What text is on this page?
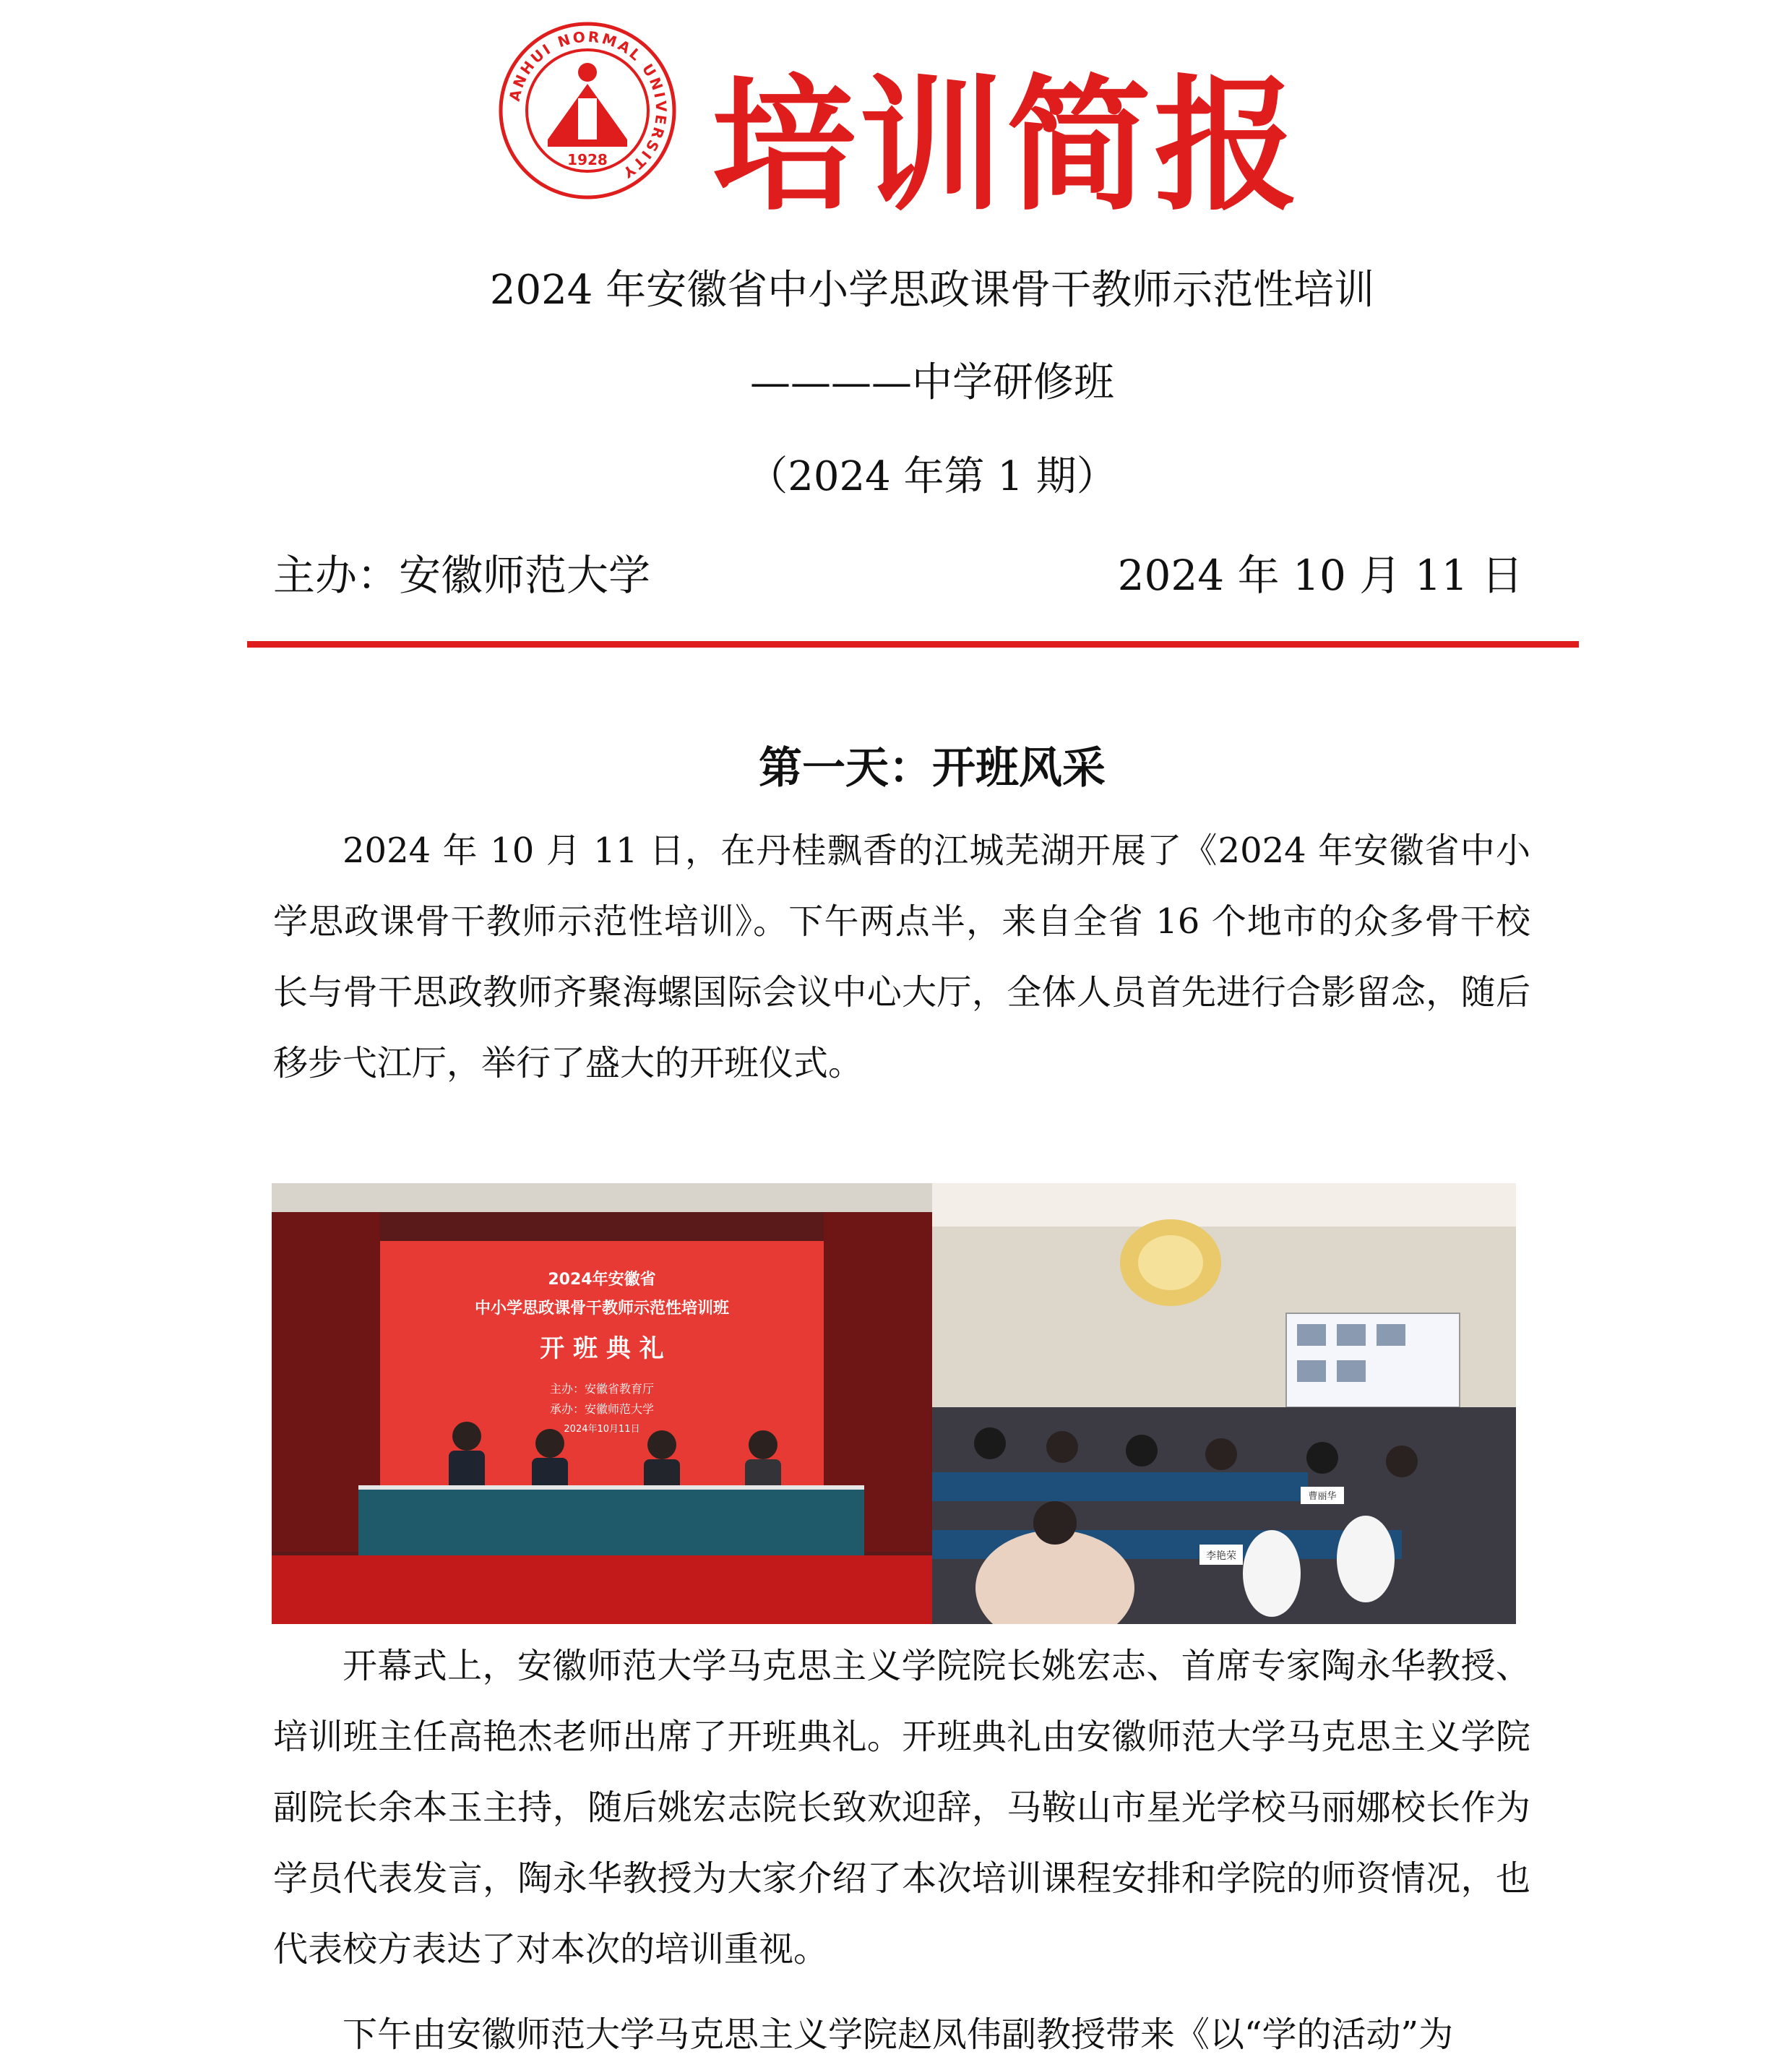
ANHUI NORMAL UNIVERSITY
1928 培训简报
2024 年安徽省中小学思政课骨干教师示范性培训
————中学研修班
（2024 年第 1 期）
主办：安徽师范大学	2024 年 10 月 11 日
第一天：开班风采

2024 年 10 月 11 日，在丹桂飘香的江城芜湖开展了《2024 年安徽省中小学思政课骨干教师示范性培训》。下午两点半，来自全省 16 个地市的众多骨干校长与骨干思政教师齐聚海螺国际会议中心大厅，全体人员首先进行合影留念，随后移步弋江厅，举行了盛大的开班仪式。

2024年安徽省
中小学思政课骨干教师示范性培训班
开 班 典 礼
主办：安徽省教育厅
承办：安徽师范大学
2024年10月11日
李艳荣
曹丽华

开幕式上，安徽师范大学马克思主义学院院长姚宏志、首席专家陶永华教授、培训班主任高艳杰老师出席了开班典礼。开班典礼由安徽师范大学马克思主义学院副院长余本玉主持，随后姚宏志院长致欢迎辞，马鞍山市星光学校马丽娜校长作为学员代表发言，陶永华教授为大家介绍了本次培训课程安排和学院的师资情况，也代表校方表达了对本次的培训重视。

下午由安徽师范大学马克思主义学院赵凤伟副教授带来《以“学的活动”为
